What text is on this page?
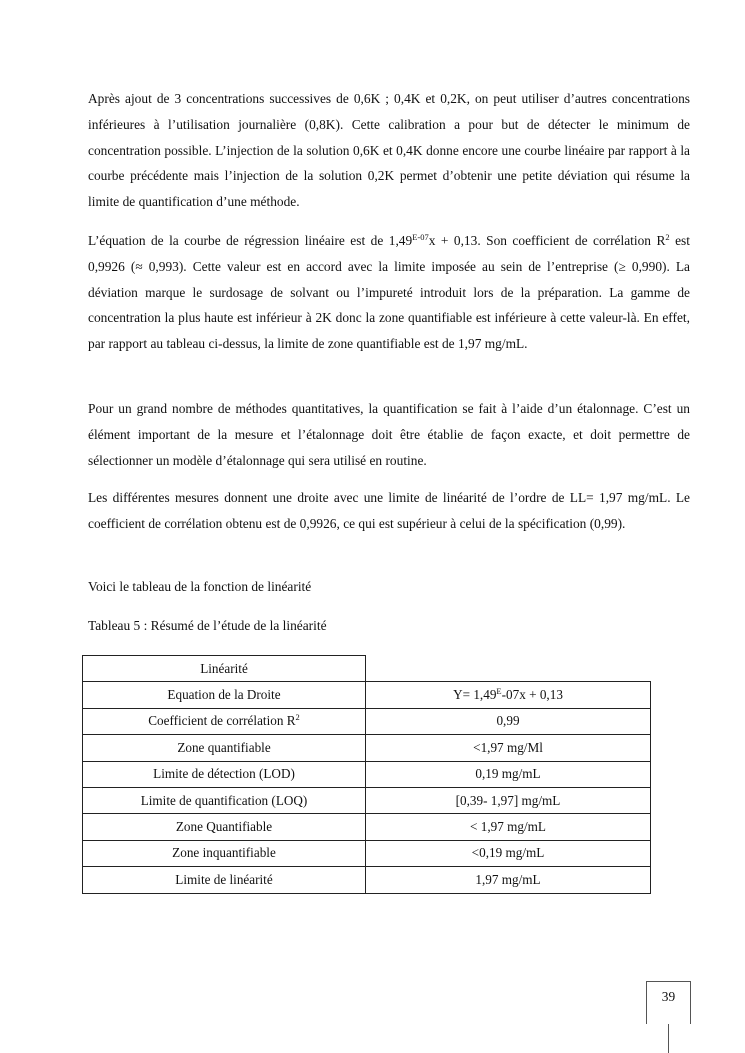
Après ajout de 3 concentrations successives de 0,6K ; 0,4K et 0,2K, on peut utiliser d’autres concentrations inférieures à l’utilisation journalière (0,8K). Cette calibration a pour but de détecter le minimum de concentration possible. L’injection de la solution 0,6K et 0,4K donne encore une courbe linéaire par rapport à la courbe précédente mais l’injection de la solution 0,2K permet d’obtenir une petite déviation qui résume la limite de quantification d’une méthode.

L’équation de la courbe de régression linéaire est de $1,49^{E-07}x + 0,13$. Son coefficient de corrélation $R^2$ est 0,9926 (≈ 0,993). Cette valeur est en accord avec la limite imposée au sein de l’entreprise (≥ 0,990). La déviation marque le surdosage de solvant ou l’impureté introduit lors de la préparation. La gamme de concentration la plus haute est inférieur à 2K donc la zone quantifiable est inférieure à cette valeur-là. En effet, par rapport au tableau ci-dessus, la limite de zone quantifiable est de 1,97 mg/mL.

Pour un grand nombre de méthodes quantitatives, la quantification se fait à l’aide d’un étalonnage. C’est un élément important de la mesure et l’étalonnage doit être établie de façon exacte, et doit permettre de sélectionner un modèle d’étalonnage qui sera utilisé en routine.

Les différentes mesures donnent une droite avec une limite de linéarité de l’ordre de LL= 1,97 mg/mL. Le coefficient de corrélation obtenu est de 0,9926, ce qui est supérieur à celui de la spécification (0,99).

Voici le tableau de la fonction de linéarité

Tableau 5 : Résumé de l’étude de la linéarité

Linéarité	
Equation de la Droite	$Y= 1,49^E-07x + 0,13$
Coefficient de corrélation $R^2$	0,99
Zone quantifiable	<1,97 mg/Ml
Limite de détection (LOD)	0,19 mg/mL
Limite de quantification (LOQ)	[0,39- 1,97] mg/mL
Zone Quantifiable	< 1,97 mg/mL
Zone inquantifiable	<0,19 mg/mL
Limite de linéarité	1,97 mg/mL
39
